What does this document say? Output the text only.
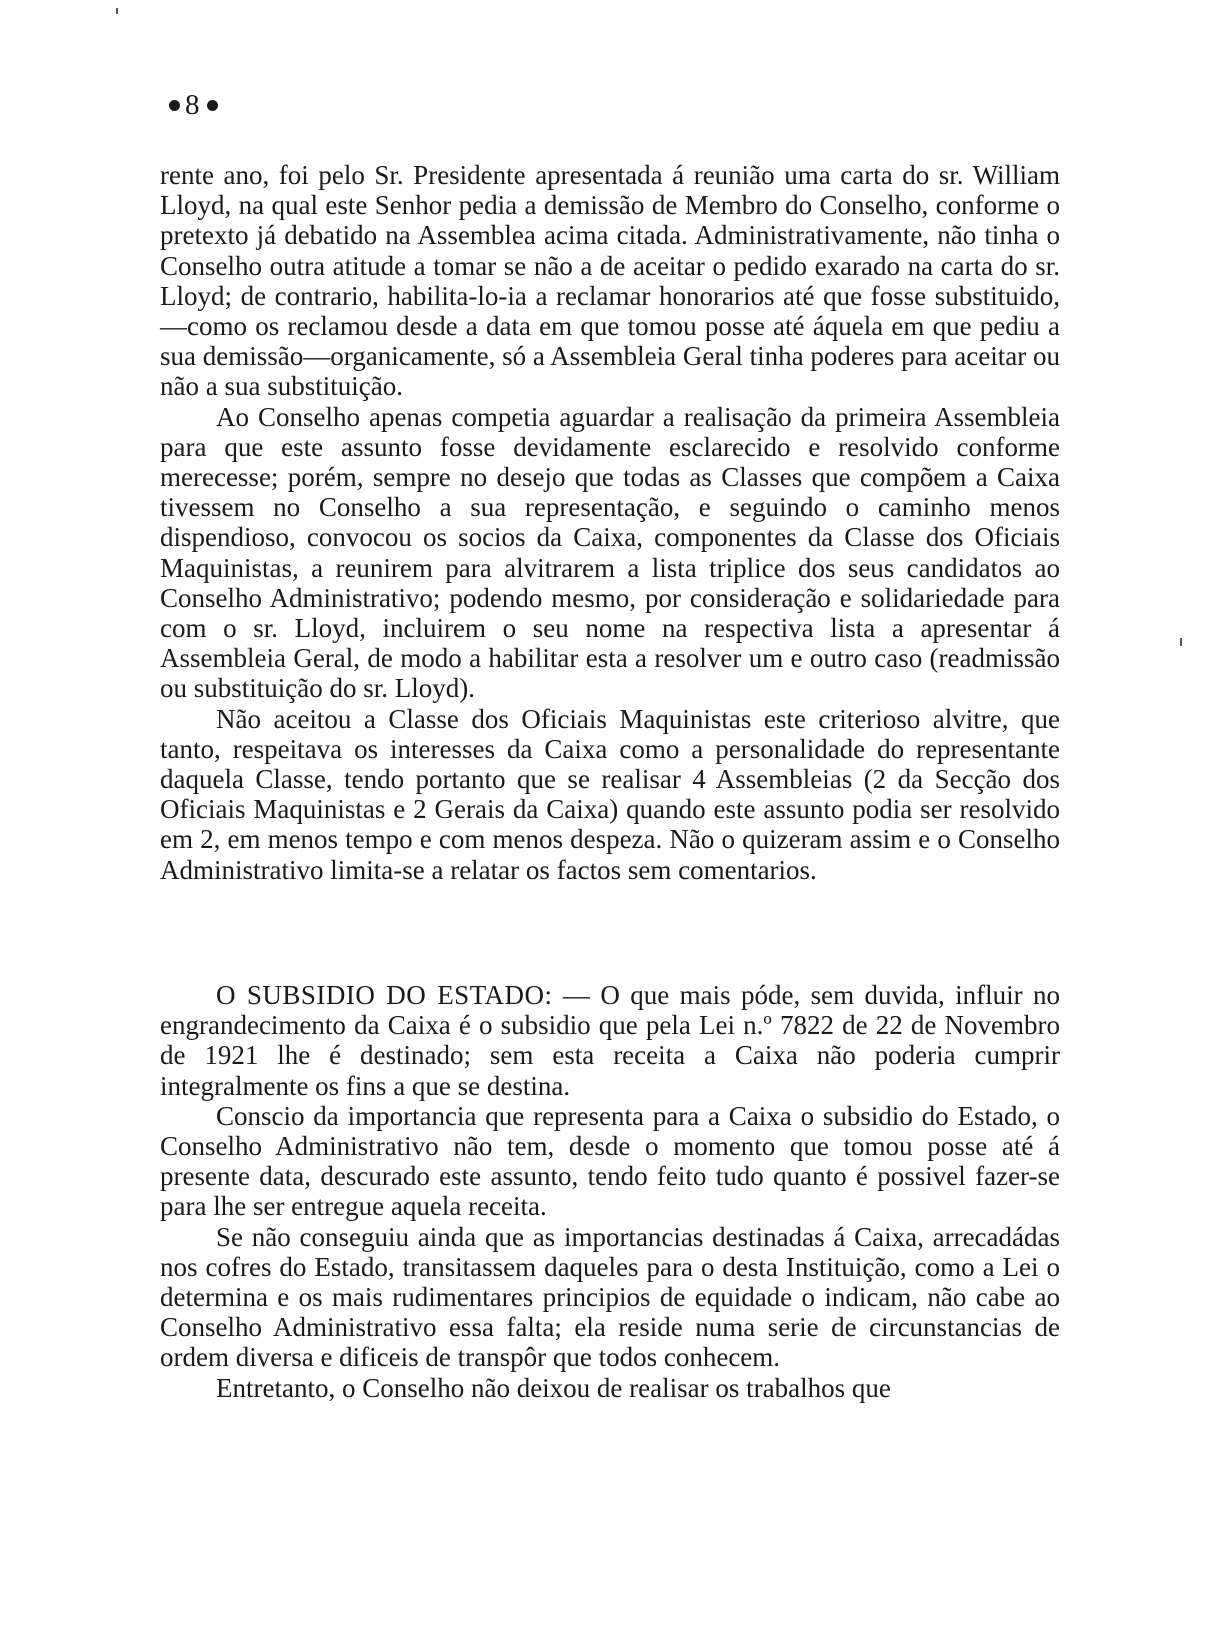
8

rente ano, foi pelo Sr. Presidente apresentada á reunião uma carta do sr. William Lloyd, na qual este Senhor pedia a demissão de Membro do Conselho, conforme o pretexto já debatido na Assemblea acima citada. Administrativamente, não tinha o Conselho outra atitude a tomar se não a de aceitar o pedido exarado na carta do sr. Lloyd; de contrario, habilita-lo-ia a reclamar honorarios até que fosse substituido,—como os reclamou desde a data em que tomou posse até áquela em que pediu a sua demissão—organicamente, só a Assembleia Geral tinha poderes para aceitar ou não a sua substituição.

Ao Conselho apenas competia aguardar a realisação da primeira Assembleia para que este assunto fosse devidamente esclarecido e resolvido conforme merecesse; porém, sempre no desejo que todas as Classes que compõem a Caixa tivessem no Conselho a sua representação, e seguindo o caminho menos dispendioso, convocou os socios da Caixa, componentes da Classe dos Oficiais Maquinistas, a reunirem para alvitrarem a lista triplice dos seus candidatos ao Conselho Administrativo; podendo mesmo, por consideração e solidariedade para com o sr. Lloyd, incluirem o seu nome na respectiva lista a apresentar á Assembleia Geral, de modo a habilitar esta a resolver um e outro caso (readmissão ou substituição do sr. Lloyd).

Não aceitou a Classe dos Oficiais Maquinistas este criterioso alvitre, que tanto, respeitava os interesses da Caixa como a personalidade do representante daquela Classe, tendo portanto que se realisar 4 Assembleias (2 da Secção dos Oficiais Maquinistas e 2 Gerais da Caixa) quando este assunto podia ser resolvido em 2, em menos tempo e com menos despeza. Não o quizeram assim e o Conselho Administrativo limita-se a relatar os factos sem comentarios.

O SUBSIDIO DO ESTADO: — O que mais póde, sem duvida, influir no engrandecimento da Caixa é o subsidio que pela Lei n.º 7822 de 22 de Novembro de 1921 lhe é destinado; sem esta receita a Caixa não poderia cumprir integralmente os fins a que se destina.

Conscio da importancia que representa para a Caixa o subsidio do Estado, o Conselho Administrativo não tem, desde o momento que tomou posse até á presente data, descurado este assunto, tendo feito tudo quanto é possivel fazer-se para lhe ser entregue aquela receita.

Se não conseguiu ainda que as importancias destinadas á Caixa, arrecadádas nos cofres do Estado, transitassem daqueles para o desta Instituição, como a Lei o determina e os mais rudimentares principios de equidade o indicam, não cabe ao Conselho Administrativo essa falta; ela reside numa serie de circunstancias de ordem diversa e dificeis de transpôr que todos conhecem.

Entretanto, o Conselho não deixou de realisar os trabalhos que
